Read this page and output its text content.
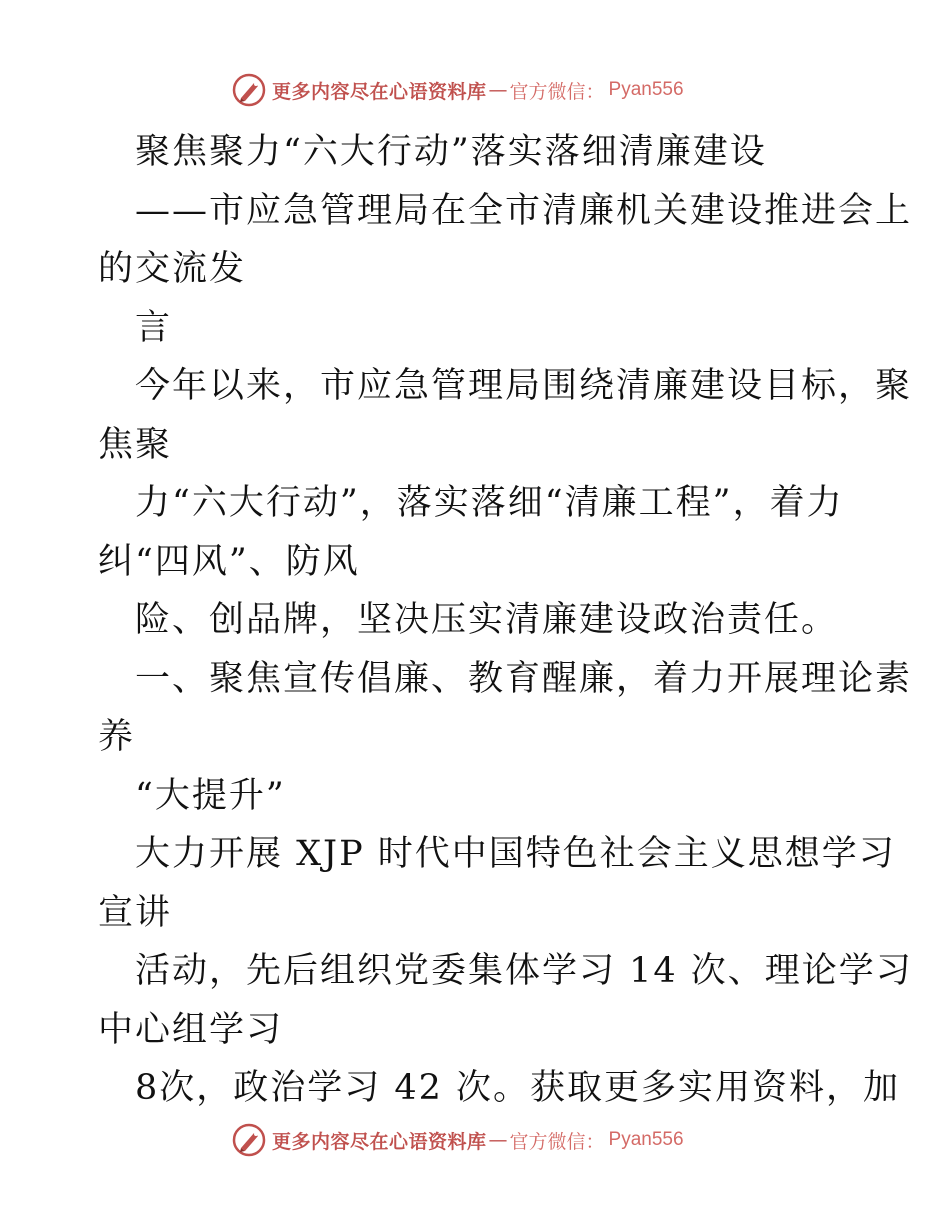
更多内容尽在心语资料库 — 官方微信： Pyan556
聚焦聚力“六大行动”落实落细清廉建设
——市应急管理局在全市清廉机关建设推进会上
的交流发
言
今年以来，市应急管理局围绕清廉建设目标，聚
焦聚
力“六大行动”，落实落细“清廉工程”，着力
纠“四风”、防风
险、创品牌，坚决压实清廉建设政治责任。
一、聚焦宣传倡廉、教育醒廉，着力开展理论素
养
“大提升”
大力开展 XJP 时代中国特色社会主义思想学习
宣讲
活动，先后组织党委集体学习 14 次、理论学习
中心组学习
8次，政治学习 42 次。获取更多实用资料，加
更多内容尽在心语资料库 — 官方微信： Pyan556
